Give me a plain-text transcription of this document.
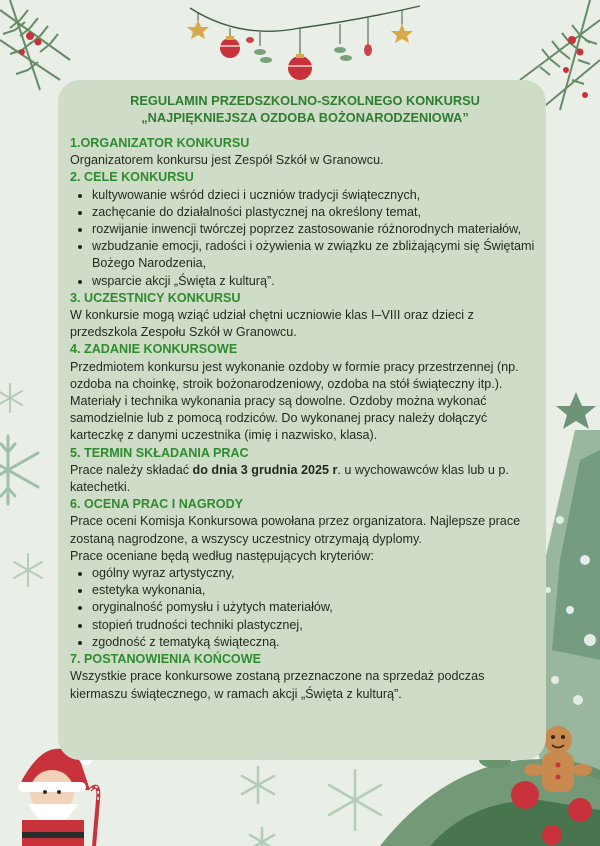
REGULAMIN PRZEDSZKOLNO-SZKOLNEGO KONKURSU
„NAJPIĘKNIEJSZA OZDOBA BOŻONARODZENIOWA”
1.ORGANIZATOR KONKURSU
Organizatorem konkursu jest Zespół Szkół w Granowcu.
2. CELE KONKURSU
• kultywowanie wśród dzieci i uczniów tradycji świątecznych,
• zachęcanie do działalności plastycznej na określony temat,
• rozwijanie inwencji twórczej poprzez zastosowanie różnorodnych materiałów,
• wzbudzanie emocji, radości i ożywienia w związku ze zbliżającymi się Świętami Bożego Narodzenia,
• wsparcie akcji „Święta z kulturą”.
3. UCZESTNICY KONKURSU
W konkursie mogą wziąć udział chętni uczniowie klas I–VIII oraz dzieci z przedszkola Zespołu Szkół w Granowcu.
4. ZADANIE KONKURSOWE
Przedmiotem konkursu jest wykonanie ozdoby w formie pracy przestrzennej (np. ozdoba na choinkę, stroik bożonarodzeniowy, ozdoba na stół świąteczny itp.). Materiały i technika wykonania pracy są dowolne. Ozdoby można wykonać samodzielnie lub z pomocą rodziców. Do wykonanej pracy należy dołączyć karteczkę z danymi uczestnika (imię i nazwisko, klasa).
5. TERMIN SKŁADANIA PRAC
Prace należy składać do dnia 3 grudnia 2025 r. u wychowawców klas lub u p. katechetki.
6. OCENA PRAC I NAGRODY
Prace oceni Komisja Konkursowa powołana przez organizatora. Najlepsze prace zostaną nagrodzone, a wszyscy uczestnicy otrzymają dyplomy.
Prace oceniane będą według następujących kryteriów:
• ogólny wyraz artystyczny,
• estetyka wykonania,
• oryginalność pomysłu i użytych materiałów,
• stopień trudności techniki plastycznej,
• zgodność z tematyką świąteczną.
7. POSTANOWIENIA KOŃCOWE
Wszystkie prace konkursowe zostaną przeznaczone na sprzedaż podczas kiermaszu świątecznego, w ramach akcji „Święta z kulturą”.
